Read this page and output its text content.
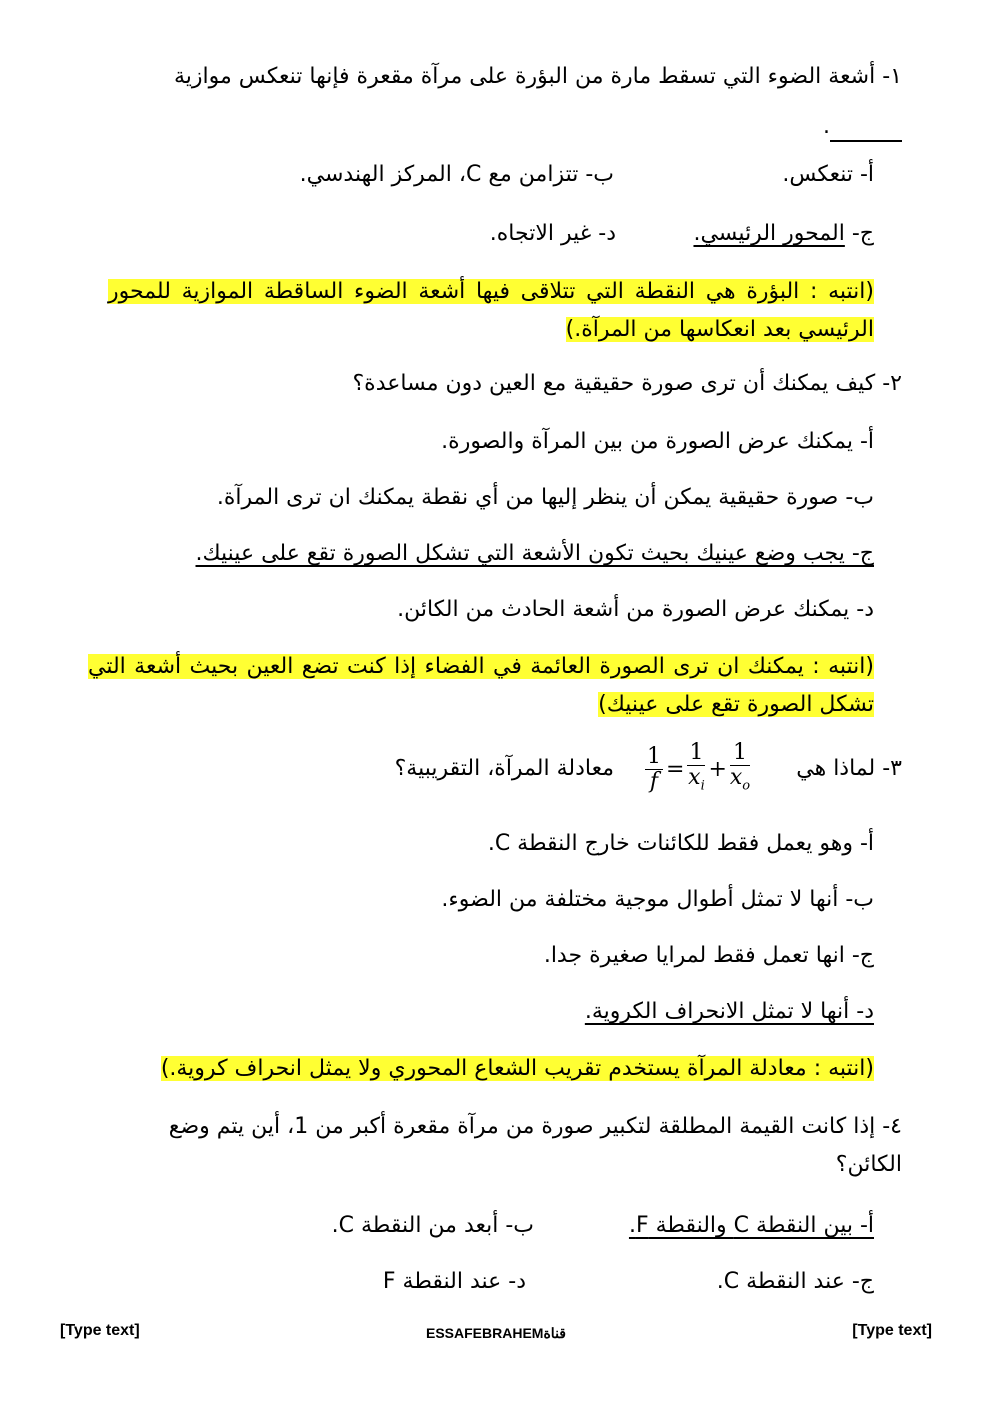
١- أشعة الضوء التي تسقط مارة من البؤرة على مرآة مقعرة فإنها تنعكس موازية
.
أ- تنعكس.
ب- تتزامن مع C، المركز الهندسي.
ج- المحور الرئيسي.
د- غير الاتجاه.
(انتبه : البؤرة هي النقطة التي تتلاقى فيها أشعة الضوء الساقطة الموازية للمحور الرئيسي بعد انعكاسها من المرآة.)
٢- كيف يمكنك أن ترى صورة حقيقية مع العين دون مساعدة؟
أ- يمكنك عرض الصورة من بين المرآة والصورة.
ب- صورة حقيقية يمكن أن ينظر إليها من أي نقطة يمكنك ان ترى المرآة.
ج- يجب وضع عينيك بحيث تكون الأشعة التي تشكل الصورة تقع على عينيك.
د- يمكنك عرض الصورة من أشعة الحادث من الكائن.
(انتبه : يمكنك ان ترى الصورة العائمة في الفضاء إذا كنت تضع العين بحيث أشعة التي تشكل الصورة تقع على عينيك)
٣- لماذا هي
$\frac{1}{f} = \frac{1}{x_i} + \frac{1}{x_o}$
معادلة المرآة، التقريبية؟
أ- وهو يعمل فقط للكائنات خارج النقطة C.
ب- أنها لا تمثل أطوال موجية مختلفة من الضوء.
ج- انها تعمل فقط لمرايا صغيرة جدا.
د- أنها لا تمثل الانحراف الكروية.
(انتبه : معادلة المرآة يستخدم تقريب الشعاع المحوري ولا يمثل انحراف كروية.)
٤- إذا كانت القيمة المطلقة لتكبير صورة من مرآة مقعرة أكبر من 1، أين يتم وضع
الكائن؟
أ- بين النقطة C والنقطة F.
ب- أبعد من النقطة C.
ج- عند النقطة C.
د- عند النقطة F
[Type text]	ESSAFEBRAHEMقناة	[Type text]
